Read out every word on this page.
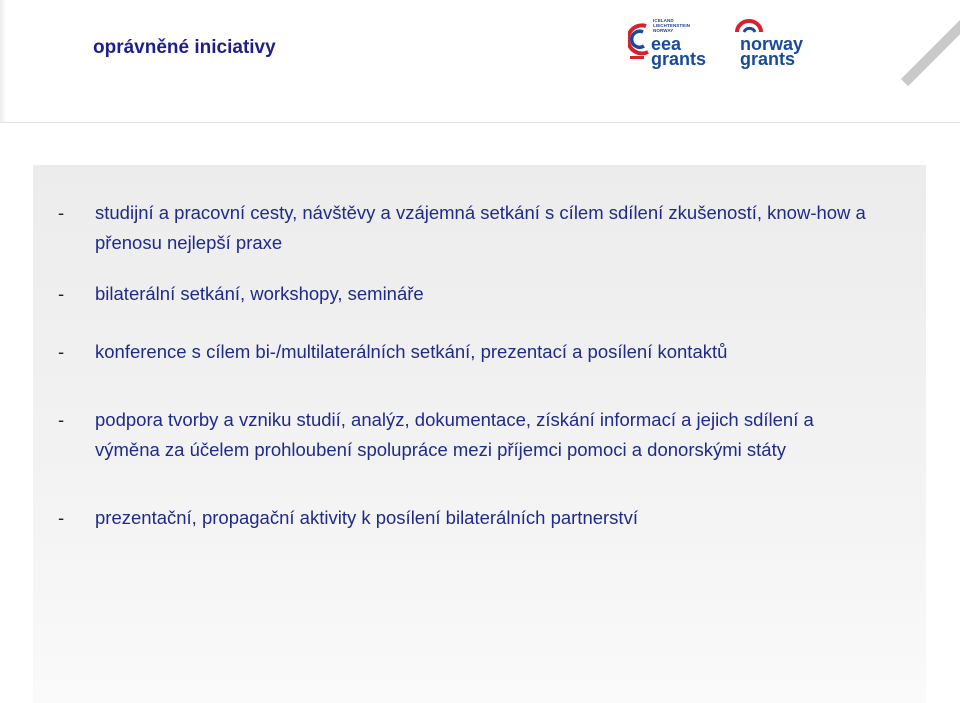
oprávněné iniciativy
ICELAND
LIECHTENSTEIN
NORWAY
eea
grants
norway
grants
- studijní a pracovní cesty, návštěvy a vzájemná setkání s cílem sdílení zkušeností, know-how a přenosu nejlepší praxe
- bilaterální setkání, workshopy, semináře
- konference s cílem bi-/multilaterálních setkání, prezentací a posílení kontaktů
- podpora tvorby a vzniku studií, analýz, dokumentace, získání informací a jejich sdílení a výměna za účelem prohloubení spolupráce mezi příjemci pomoci a donorskými státy
- prezentační, propagační aktivity k posílení bilaterálních partnerství
